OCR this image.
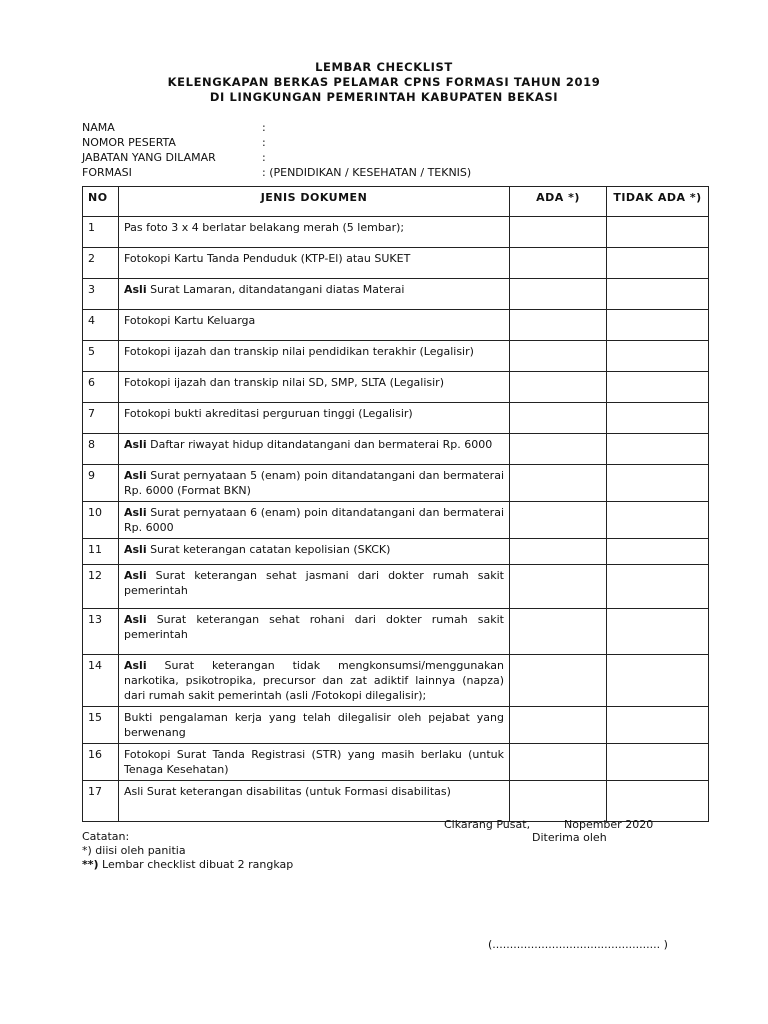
LEMBAR CHECKLIST
KELENGKAPAN BERKAS PELAMAR CPNS FORMASI TAHUN 2019
DI LINGKUNGAN PEMERINTAH KABUPATEN BEKASI
NAMA	:
NOMOR PESERTA	:
JABATAN YANG DILAMAR	:
FORMASI	: (PENDIDIKAN / KESEHATAN / TEKNIS)
NO	JENIS DOKUMEN	ADA *)	TIDAK ADA *)
1	Pas foto 3 x 4 berlatar belakang merah (5 lembar);		
2	Fotokopi Kartu Tanda Penduduk (KTP-El) atau SUKET		
3	Asli Surat Lamaran, ditandatangani diatas Materai		
4	Fotokopi Kartu Keluarga		
5	Fotokopi ijazah dan transkip nilai pendidikan terakhir (Legalisir)		
6	Fotokopi ijazah dan transkip nilai SD, SMP, SLTA (Legalisir)		
7	Fotokopi bukti akreditasi perguruan tinggi (Legalisir)		
8	Asli Daftar riwayat hidup ditandatangani dan bermaterai Rp. 6000		
9	Asli Surat pernyataan 5 (enam) poin ditandatangani dan bermaterai Rp. 6000 (Format BKN)		
10	Asli Surat pernyataan 6 (enam) poin ditandatangani dan bermaterai Rp. 6000		
11	Asli Surat keterangan catatan kepolisian (SKCK)		
12	Asli Surat keterangan sehat jasmani dari dokter rumah sakit pemerintah		
13	Asli Surat keterangan sehat rohani dari dokter rumah sakit pemerintah		
14	Asli Surat keterangan tidak mengkonsumsi/menggunakan narkotika, psikotropika, precursor dan zat adiktif lainnya (napza) dari rumah sakit pemerintah (asli /Fotokopi dilegalisir);		
15	Bukti pengalaman kerja yang telah dilegalisir oleh pejabat yang berwenang		
16	Fotokopi Surat Tanda Registrasi (STR) yang masih berlaku (untuk Tenaga Kesehatan)		
17	Asli Surat keterangan disabilitas (untuk Formasi disabilitas)		
Cikarang Pusat,	Nopember 2020
Diterima oleh
Catatan:
*) diisi oleh panitia
**) Lembar checklist dibuat 2 rangkap
(................................................ )
